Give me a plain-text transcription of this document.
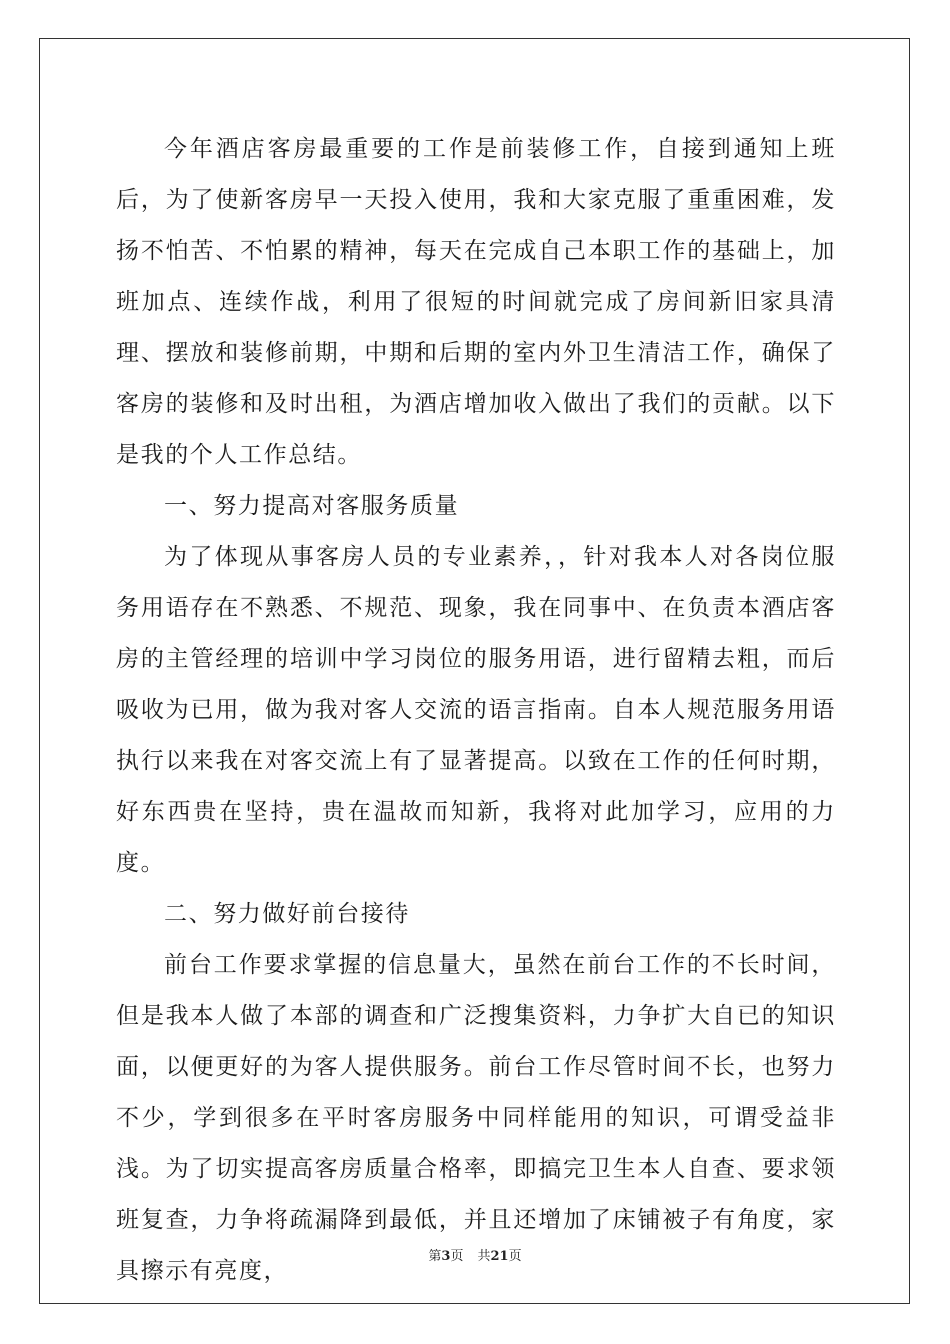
今年酒店客房最重要的工作是前装修工作，自接到通知上班后，为了使新客房早一天投入使用，我和大家克服了重重困难，发扬不怕苦、不怕累的精神，每天在完成自己本职工作的基础上，加班加点、连续作战，利用了很短的时间就完成了房间新旧家具清理、摆放和装修前期，中期和后期的室内外卫生清洁工作，确保了客房的装修和及时出租，为酒店增加收入做出了我们的贡献。以下是我的个人工作总结。

一、努力提高对客服务质量

为了体现从事客房人员的专业素养，，针对我本人对各岗位服务用语存在不熟悉、不规范、现象，我在同事中、在负责本酒店客房的主管经理的培训中学习岗位的服务用语，进行留精去粗，而后吸收为已用，做为我对客人交流的语言指南。自本人规范服务用语执行以来我在对客交流上有了显著提高。以致在工作的任何时期，好东西贵在坚持，贵在温故而知新，我将对此加学习，应用的力度。

二、努力做好前台接待

前台工作要求掌握的信息量大，虽然在前台工作的不长时间，但是我本人做了本部的调查和广泛搜集资料，力争扩大自已的知识面，以便更好的为客人提供服务。前台工作尽管时间不长，也努力不少，学到很多在平时客房服务中同样能用的知识，可谓受益非浅。为了切实提高客房质量合格率，即搞完卫生本人自查、要求领班复查，力争将疏漏降到最低，并且还增加了床铺被子有角度，家具擦示有亮度，

第3页 共21页
